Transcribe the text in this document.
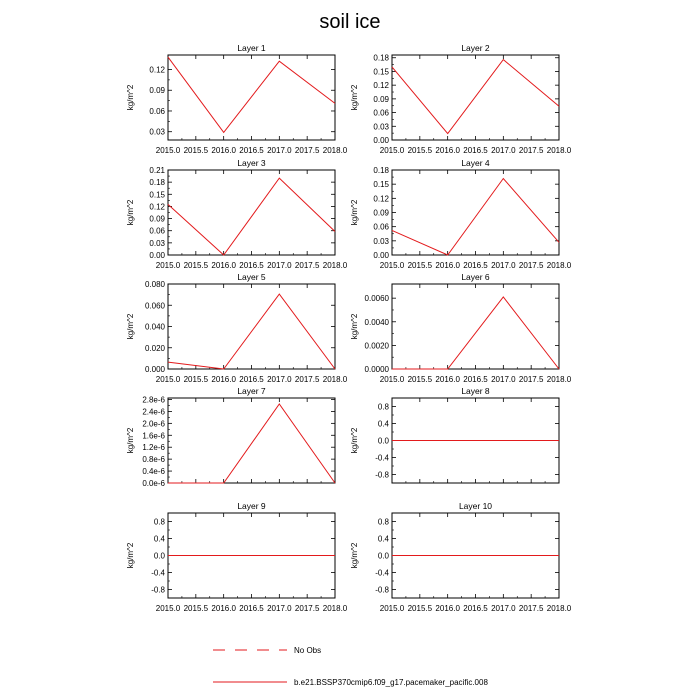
soil ice
Layer 1
kg/m^2
0.03
0.06
0.09
0.12
2015.0 2015.5 2016.0 2016.5 2017.0 2017.5 2018.0
Layer 2
kg/m^2
0.00
0.03
0.06
0.09
0.12
0.15
0.18
2015.0 2015.5 2016.0 2016.5 2017.0 2017.5 2018.0
Layer 3
kg/m^2
0.00
0.03
0.06
0.09
0.12
0.15
0.18
0.21
2015.0 2015.5 2016.0 2016.5 2017.0 2017.5 2018.0
Layer 4
kg/m^2
0.00
0.03
0.06
0.09
0.12
0.15
0.18
2015.0 2015.5 2016.0 2016.5 2017.0 2017.5 2018.0
Layer 5
kg/m^2
0.000
0.020
0.040
0.060
0.080
2015.0 2015.5 2016.0 2016.5 2017.0 2017.5 2018.0
Layer 6
kg/m^2
0.0000
0.0020
0.0040
0.0060
2015.0 2015.5 2016.0 2016.5 2017.0 2017.5 2018.0
Layer 7
kg/m^2
0.0e-6
0.4e-6
0.8e-6
1.2e-6
1.6e-6
2.0e-6
2.4e-6
2.8e-6
Layer 8
kg/m^2
-0.8
-0.4
0.0
0.4
0.8
Layer 9
kg/m^2
-0.8
-0.4
0.0
0.4
0.8
2015.0 2015.5 2016.0 2016.5 2017.0 2017.5 2018.0
Layer 10
kg/m^2
-0.8
-0.4
0.0
0.4
0.8
2015.0 2015.5 2016.0 2016.5 2017.0 2017.5 2018.0
No Obs
b.e21.BSSP370cmip6.f09_g17.pacemaker_pacific.008
